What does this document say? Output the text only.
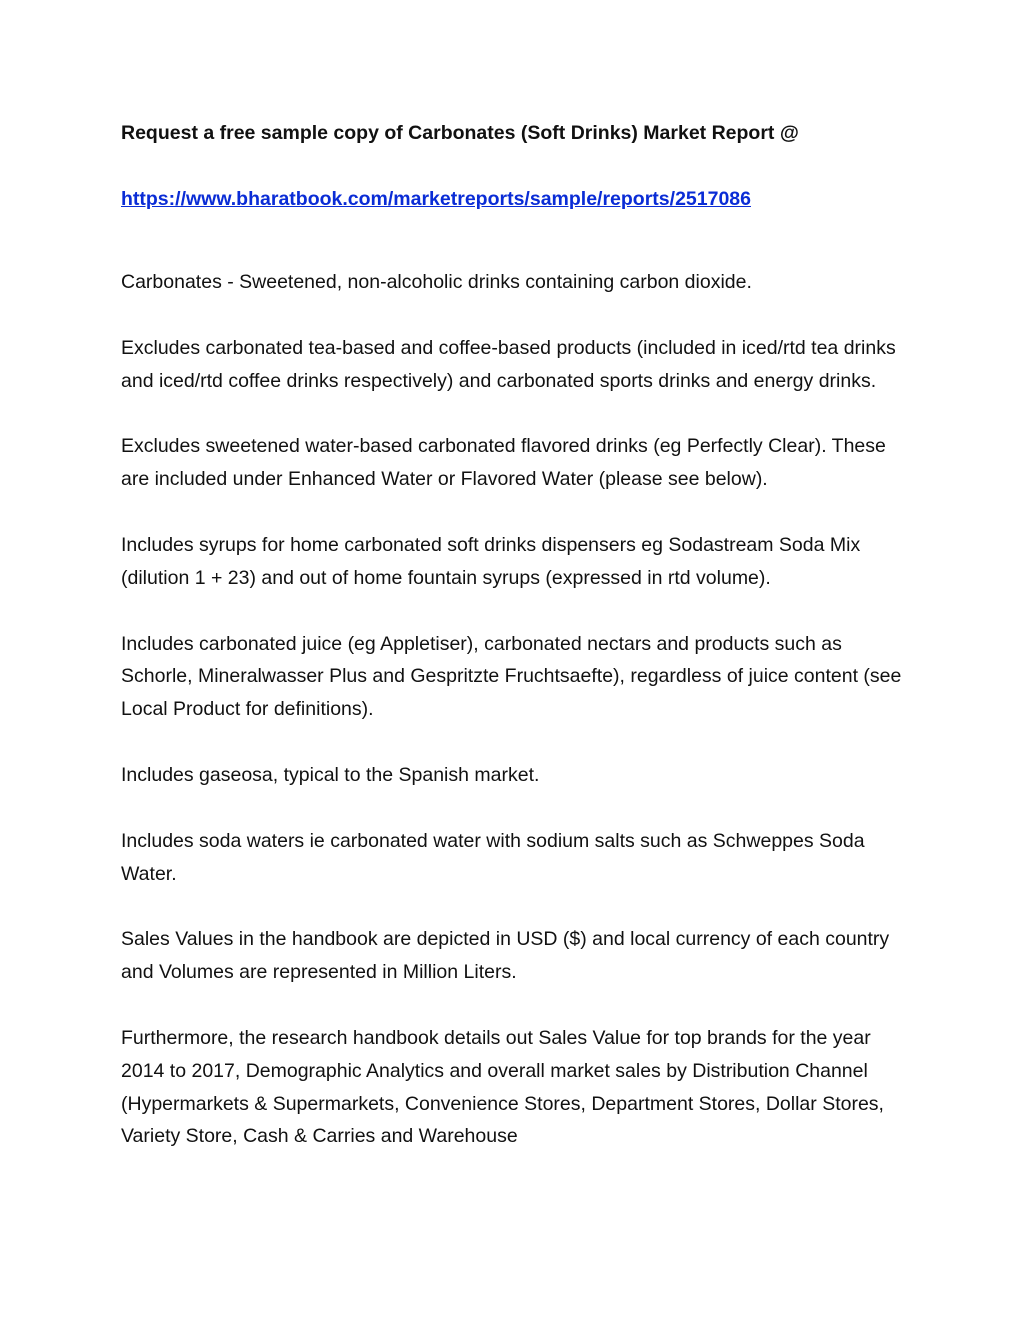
Request a free sample copy of Carbonates (Soft Drinks) Market Report @

https://www.bharatbook.com/marketreports/sample/reports/2517086

Carbonates - Sweetened, non-alcoholic drinks containing carbon dioxide.

Excludes carbonated tea-based and coffee-based products (included in iced/rtd tea drinks and iced/rtd coffee drinks respectively) and carbonated sports drinks and energy drinks.

Excludes sweetened water-based carbonated flavored drinks (eg Perfectly Clear). These are included under Enhanced Water or Flavored Water (please see below).

Includes syrups for home carbonated soft drinks dispensers eg Sodastream Soda Mix (dilution 1 + 23) and out of home fountain syrups (expressed in rtd volume).

Includes carbonated juice (eg Appletiser), carbonated nectars and products such as Schorle, Mineralwasser Plus and Gespritzte Fruchtsaefte), regardless of juice content (see Local Product for definitions).

Includes gaseosa, typical to the Spanish market.

Includes soda waters ie carbonated water with sodium salts such as Schweppes Soda Water.

Sales Values in the handbook are depicted in USD ($) and local currency of each country and Volumes are represented in Million Liters.

Furthermore, the research handbook details out Sales Value for top brands for the year 2014 to 2017, Demographic Analytics and overall market sales by Distribution Channel (Hypermarkets & Supermarkets, Convenience Stores, Department Stores, Dollar Stores, Variety Store, Cash & Carries and Warehouse
